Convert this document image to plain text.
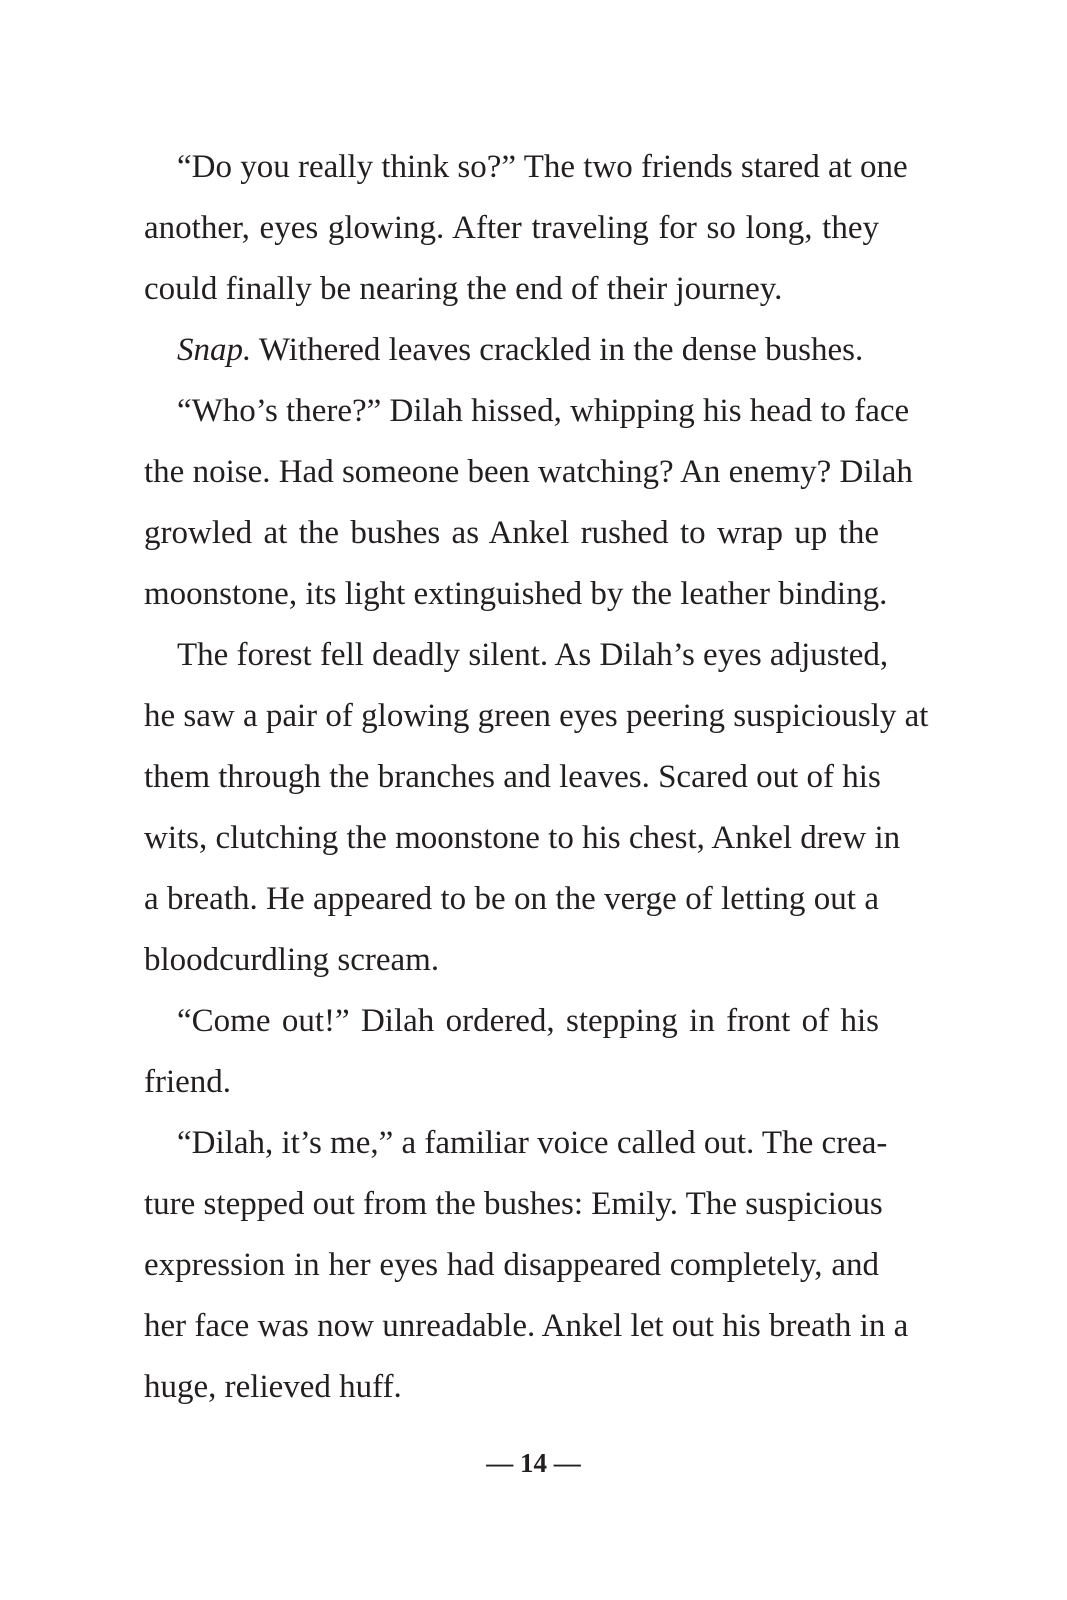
“Do you really think so?” The two friends stared at one
another, eyes glowing. After traveling for so long, they
could finally be nearing the end of their journey.
Snap. Withered leaves crackled in the dense bushes.
“Who’s there?” Dilah hissed, whipping his head to face
the noise. Had someone been watching? An enemy? Dilah
growled at the bushes as Ankel rushed to wrap up the
moonstone, its light extinguished by the leather binding.
The forest fell deadly silent. As Dilah’s eyes adjusted,
he saw a pair of glowing green eyes peering suspiciously at
them through the branches and leaves. Scared out of his
wits, clutching the moonstone to his chest, Ankel drew in
a breath. He appeared to be on the verge of letting out a
bloodcurdling scream.
“Come out!” Dilah ordered, stepping in front of his
friend.
“Dilah, it’s me,” a familiar voice called out. The crea-
ture stepped out from the bushes: Emily. The suspicious
expression in her eyes had disappeared completely, and
her face was now unreadable. Ankel let out his breath in a
huge, relieved huff.
— 14 —
